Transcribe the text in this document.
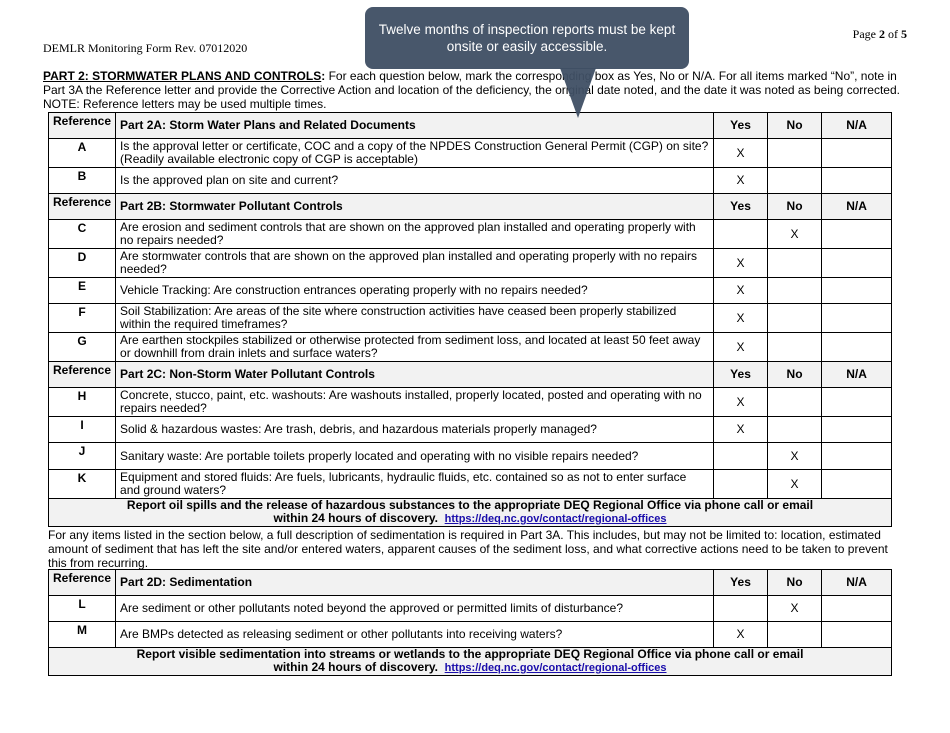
DEMLR Monitoring Form Rev. 07012020
Page 2 of 5
Twelve months of inspection reports must be kept onsite or easily accessible.
PART 2: STORMWATER PLANS AND CONTROLS: For each question below, mark the corresponding box as Yes, No or N/A. For all items marked “No”, note in Part 3A the Reference letter and provide the Corrective Action and location of the deficiency, the original date noted, and the date it was noted as being corrected. NOTE: Reference letters may be used multiple times.
Reference	Part 2A: Storm Water Plans and Related Documents	Yes	No	N/A
A	Is the approval letter or certificate, COC and a copy of the NPDES Construction General Permit (CGP) on site? (Readily available electronic copy of CGP is acceptable)	X		
B	Is the approved plan on site and current?	X		
Reference	Part 2B: Stormwater Pollutant Controls	Yes	No	N/A
C	Are erosion and sediment controls that are shown on the approved plan installed and operating properly with no repairs needed?		X	
D	Are stormwater controls that are shown on the approved plan installed and operating properly with no repairs needed?	X		
E	Vehicle Tracking: Are construction entrances operating properly with no repairs needed?	X		
F	Soil Stabilization: Are areas of the site where construction activities have ceased been properly stabilized within the required timeframes?	X		
G	Are earthen stockpiles stabilized or otherwise protected from sediment loss, and located at least 50 feet away or downhill from drain inlets and surface waters?	X		
Reference	Part 2C: Non-Storm Water Pollutant Controls	Yes	No	N/A
H	Concrete, stucco, paint, etc. washouts: Are washouts installed, properly located, posted and operating with no repairs needed?	X		
I	Solid & hazardous wastes: Are trash, debris, and hazardous materials properly managed?	X		
J	Sanitary waste: Are portable toilets properly located and operating with no visible repairs needed?		X	
K	Equipment and stored fluids: Are fuels, lubricants, hydraulic fluids, etc. contained so as not to enter surface and ground waters?		X	

Report oil spills and the release of hazardous substances to the appropriate DEQ Regional Office via phone call or email
within 24 hours of discovery.  https://deq.nc.gov/contact/regional-offices				
For any items listed in the section below, a full description of sedimentation is required in Part 3A. This includes, but may not be limited to: location, estimated amount of sediment that has left the site and/or entered waters, apparent causes of the sediment loss, and what corrective actions need to be taken to prevent this from recurring.
Reference	Part 2D: Sedimentation	Yes	No	N/A
L	Are sediment or other pollutants noted beyond the approved or permitted limits of disturbance?		X	
M	Are BMPs detected as releasing sediment or other pollutants into receiving waters?	X		

Report visible sedimentation into streams or wetlands to the appropriate DEQ Regional Office via phone call or email
within 24 hours of discovery.  https://deq.nc.gov/contact/regional-offices				
